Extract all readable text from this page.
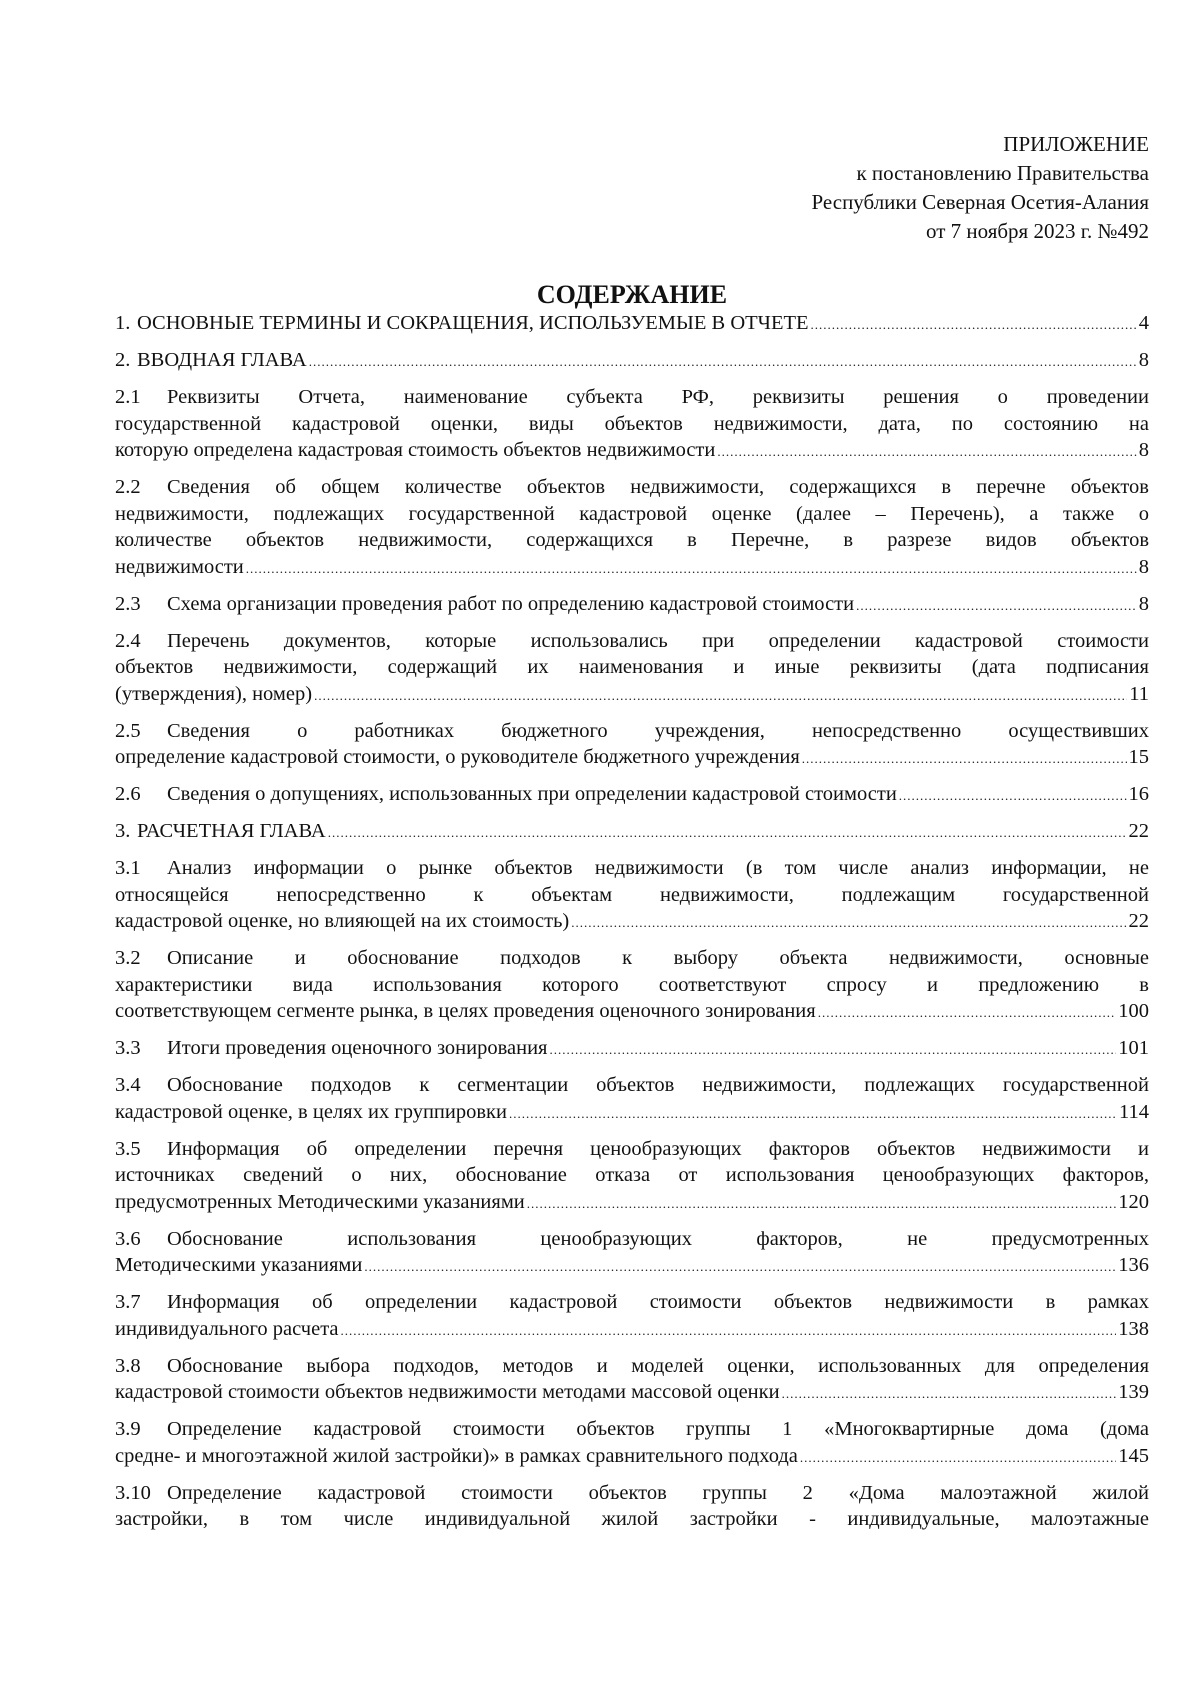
ПРИЛОЖЕНИЕ
к постановлению Правительства
Республики Северная Осетия-Алания
от 7 ноября 2023 г. №492
СОДЕРЖАНИЕ
1. ОСНОВНЫЕ ТЕРМИНЫ И СОКРАЩЕНИЯ, ИСПОЛЬЗУЕМЫЕ В ОТЧЕТЕ .....	4
2. ВВОДНАЯ ГЛАВА .....	8
2.1 Реквизиты Отчета, наименование субъекта РФ, реквизиты решения о проведении
государственной кадастровой оценки, виды объектов недвижимости, дата, по состоянию на
которую определена кадастровая стоимость объектов недвижимости .....	8
2.2 Сведения об общем количестве объектов недвижимости, содержащихся в перечне объектов
недвижимости, подлежащих государственной кадастровой оценке (далее – Перечень), а также о
количестве объектов недвижимости, содержащихся в Перечне, в разрезе видов объектов
недвижимости .....	8
2.3	Схема организации проведения работ по определению кадастровой стоимости .....	8
2.4 Перечень документов, которые использовались при определении кадастровой стоимости
объектов недвижимости, содержащий их наименования и иные реквизиты (дата подписания
(утверждения), номер) .....	11
2.5 Сведения о работниках бюджетного учреждения, непосредственно осуществивших
определение кадастровой стоимости, о руководителе бюджетного учреждения .....	15
2.6	Сведения о допущениях, использованных при определении кадастровой стоимости .....	16
3. РАСЧЕТНАЯ ГЛАВА .....	22
3.1 Анализ информации о рынке объектов недвижимости (в том числе анализ информации, не
относящейся непосредственно к объектам недвижимости, подлежащим государственной
кадастровой оценке, но влияющей на их стоимость) .....	22
3.2 Описание и обоснование подходов к выбору объекта недвижимости, основные
характеристики вида использования которого соответствуют спросу и предложению в
соответствующем сегменте рынка, в целях проведения оценочного зонирования .....	100
3.3	Итоги проведения оценочного зонирования .....	101
3.4 Обоснование подходов к сегментации объектов недвижимости, подлежащих государственной
кадастровой оценке, в целях их группировки .....	114
3.5 Информация об определении перечня ценообразующих факторов объектов недвижимости и
источниках сведений о них, обоснование отказа от использования ценообразующих факторов,
предусмотренных Методическими указаниями .....	120
3.6 Обоснование использования ценообразующих факторов, не предусмотренных
Методическими указаниями .....	136
3.7 Информация об определении кадастровой стоимости объектов недвижимости в рамках
индивидуального расчета .....	138
3.8 Обоснование выбора подходов, методов и моделей оценки, использованных для определения
кадастровой стоимости объектов недвижимости методами массовой оценки .....	139
3.9 Определение кадастровой стоимости объектов группы 1 «Многоквартирные дома (дома
средне- и многоэтажной жилой застройки)» в рамках сравнительного подхода .....	145
3.10 Определение кадастровой стоимости объектов группы 2 «Дома малоэтажной жилой
застройки, в том числе индивидуальной жилой застройки - индивидуальные, малоэтажные
